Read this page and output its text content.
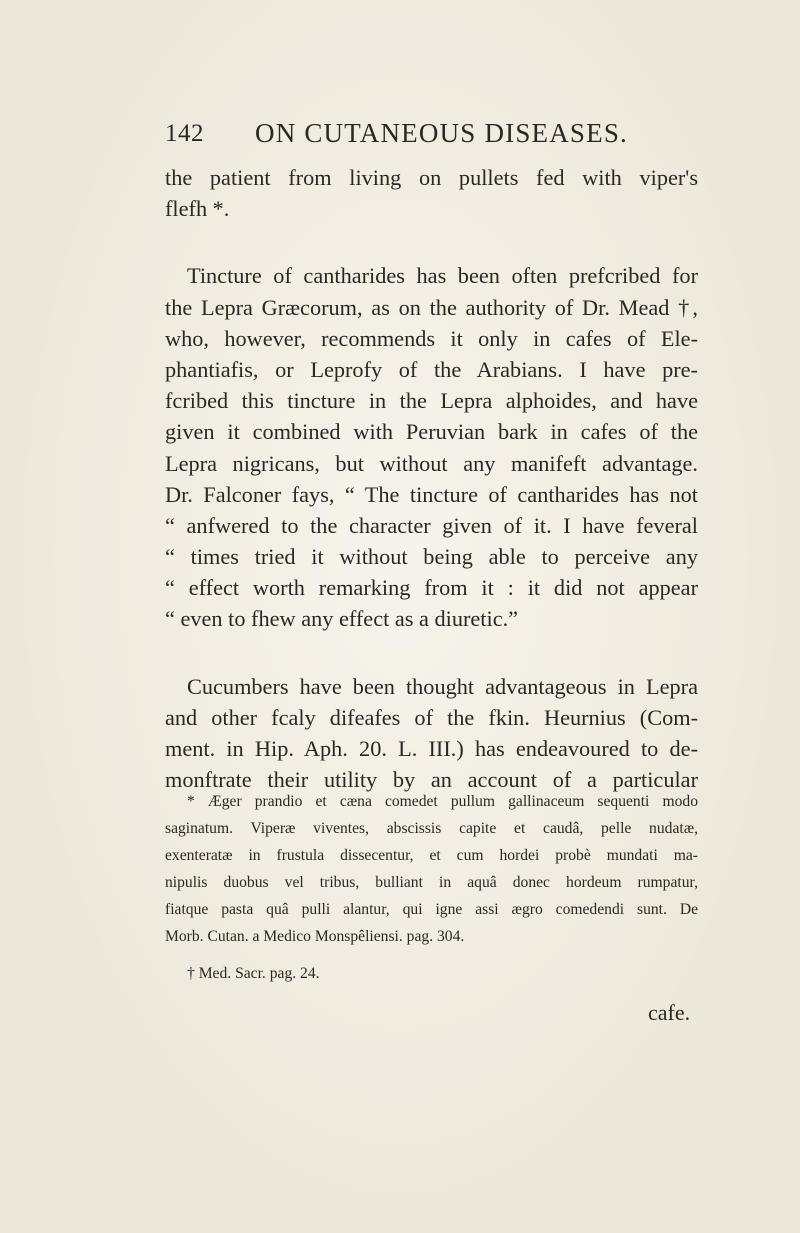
142 ON CUTANEOUS DISEASES.
the patient from living on pullets fed with viper's
flefh *.
Tincture of cantharides has been often prefcribed for
the Lepra Græcorum, as on the authority of Dr. Mead †,
who, however, recommends it only in cafes of Ele-
phantiafis, or Leprofy of the Arabians. I have pre-
fcribed this tincture in the Lepra alphoides, and have
given it combined with Peruvian bark in cafes of the
Lepra nigricans, but without any manifeft advantage.
Dr. Falconer fays, “ The tincture of cantharides has not
“ anfwered to the character given of it. I have feveral
“ times tried it without being able to perceive any
“ effect worth remarking from it : it did not appear
“ even to fhew any effect as a diuretic.”
Cucumbers have been thought advantageous in Lepra
and other fcaly difeafes of the fkin. Heurnius (Com-
ment. in Hip. Aph. 20. L. III.) has endeavoured to de-
monftrate their utility by an account of a particular
* Æger prandio et cæna comedet pullum gallinaceum sequenti modo
saginatum. Viperæ viventes, abscissis capite et caudâ, pelle nudatæ,
exenteratæ in frustula dissecentur, et cum hordei probè mundati ma-
nipulis duobus vel tribus, bulliant in aquâ donec hordeum rumpatur,
fiatque pasta quâ pulli alantur, qui igne assi ægro comedendi sunt. De
Morb. Cutan. a Medico Monspêliensi. pag. 304.
† Med. Sacr. pag. 24.
cafe.
